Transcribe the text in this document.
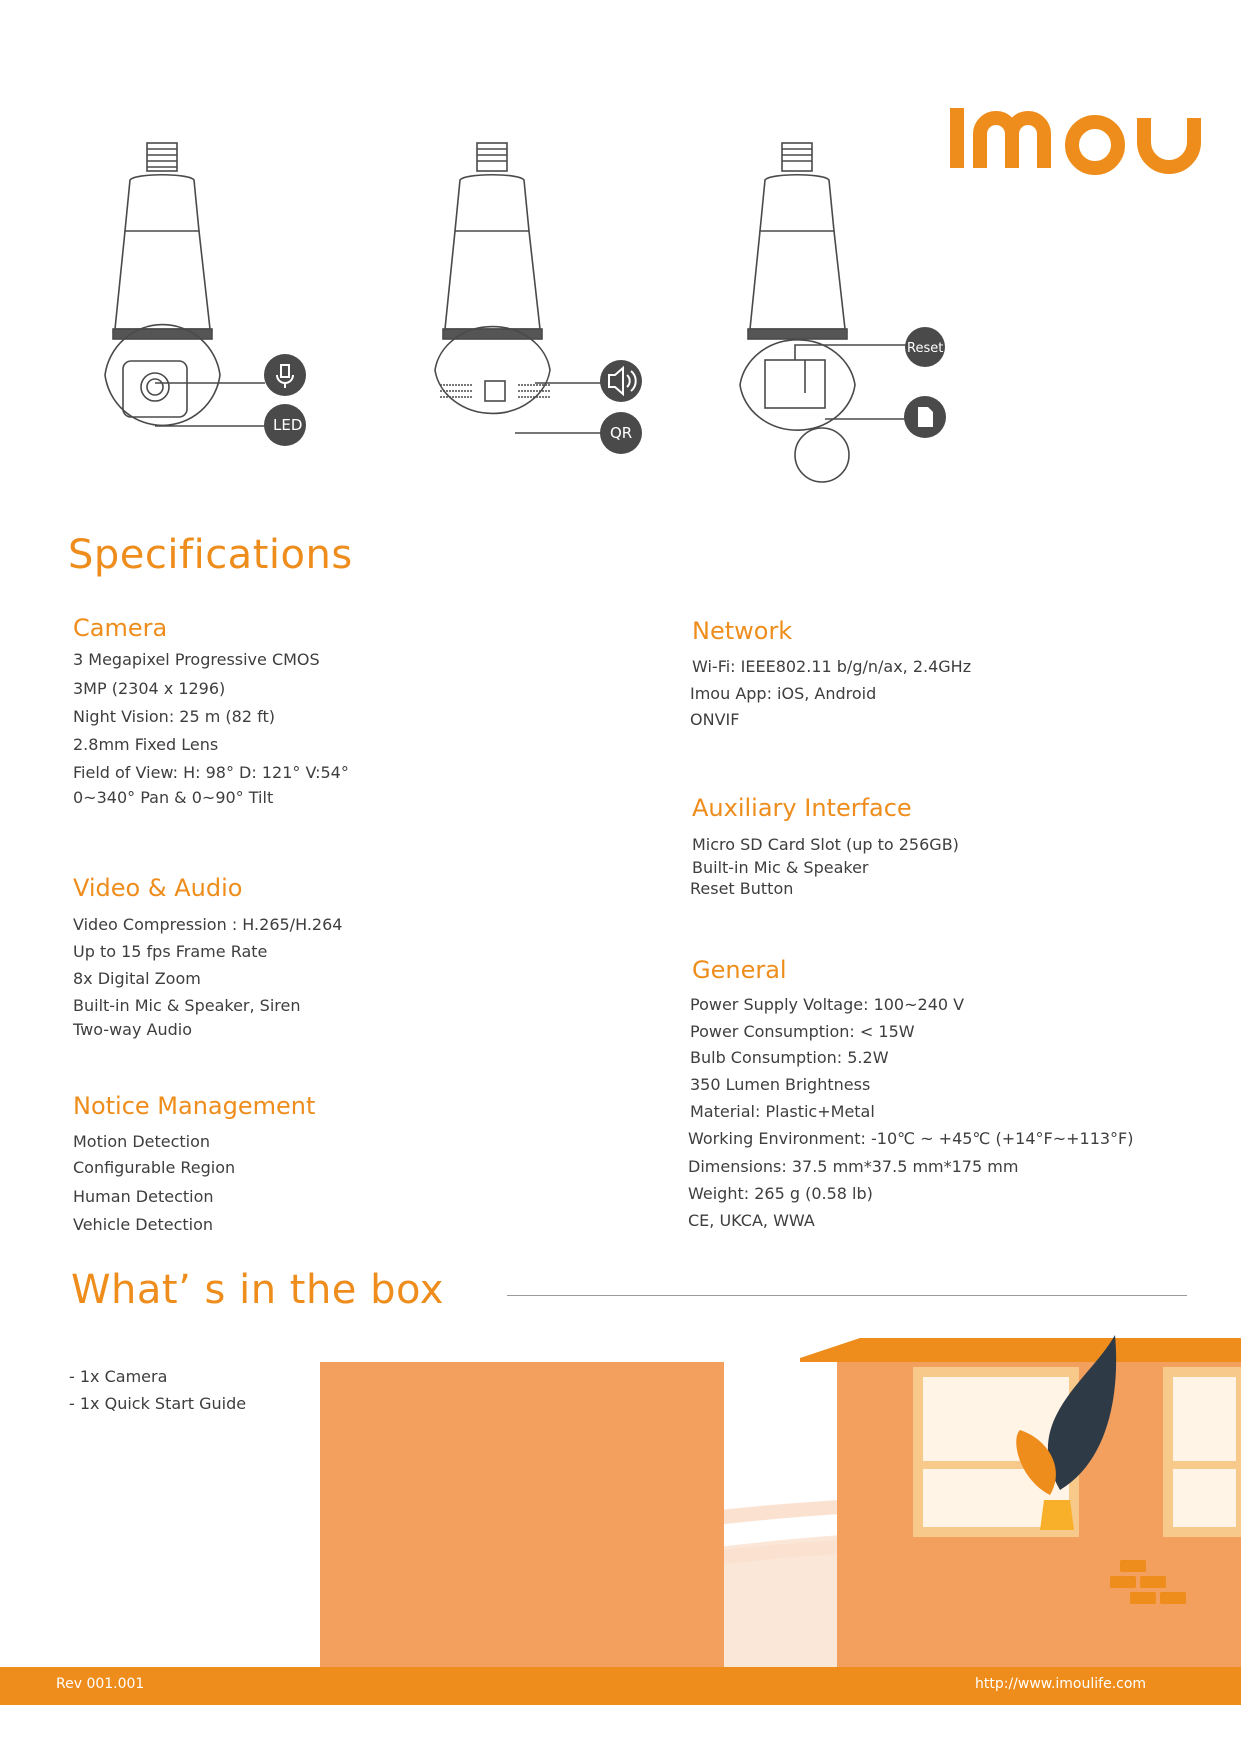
LED	QR
Reset
Specifications
Camera
3 Megapixel Progressive CMOS
3MP (2304 x 1296)
Night Vision: 25 m (82 ft)
2.8mm Fixed Lens
Field of View: H: 98° D: 121° V:54°
0~340° Pan & 0~90° Tilt
Video & Audio
Video Compression : H.265/H.264
Up to 15 fps Frame Rate
8x Digital Zoom
Built-in Mic & Speaker, Siren
Two-way Audio
Notice Management
Motion Detection
Configurable Region
Human Detection
Vehicle Detection
Network
Wi-Fi: IEEE802.11 b/g/n/ax, 2.4GHz
Imou App: iOS, Android
ONVIF
Auxiliary Interface
Micro SD Card Slot (up to 256GB)
Built-in Mic & Speaker
Reset Button
General
Power Supply Voltage: 100~240 V
Power Consumption: < 15W
Bulb Consumption: 5.2W
350 Lumen Brightness
Material: Plastic+Metal
Working Environment: -10℃ ~ +45℃ (+14°F~+113°F)
Dimensions: 37.5 mm*37.5 mm*175 mm
Weight: 265 g (0.58 lb)
CE, UKCA, WWA
What’ s in the box
- 1x Camera
- 1x Quick Start Guide
Rev 001.001	http://www.imoulife.com
